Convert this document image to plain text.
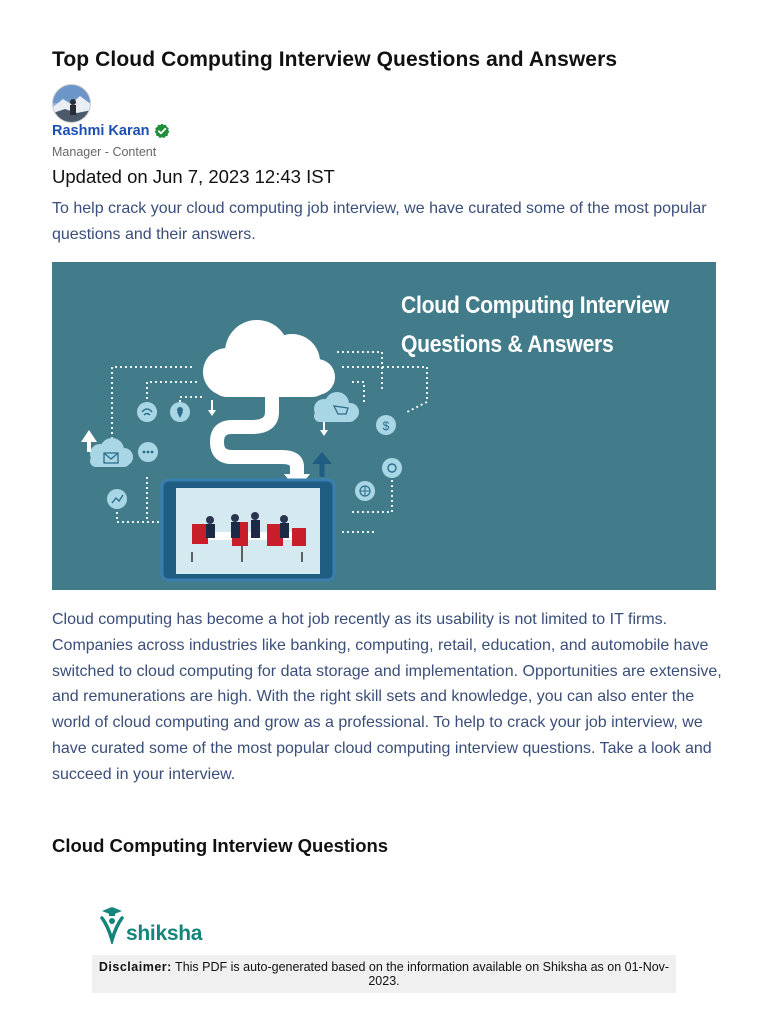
Top Cloud Computing Interview Questions and Answers
Rashmi Karan
Manager - Content
Updated on Jun 7, 2023 12:43 IST
To help crack your cloud computing job interview, we have curated some of the most popular questions and their answers.
$
Cloud Computing Interview
Questions & Answers
Cloud computing has become a hot job recently as its usability is not limited to IT firms. Companies across industries like banking, computing, retail, education, and automobile have switched to cloud computing for data storage and implementation. Opportunities are extensive, and remunerations are high. With the right skill sets and knowledge, you can also enter the world of cloud computing and grow as a professional. To help to crack your job interview, we have curated some of the most popular cloud computing interview questions. Take a look and succeed in your interview.
Cloud Computing Interview Questions
shiksha
Disclaimer: This PDF is auto-generated based on the information available on Shiksha as on 01-Nov-2023.
